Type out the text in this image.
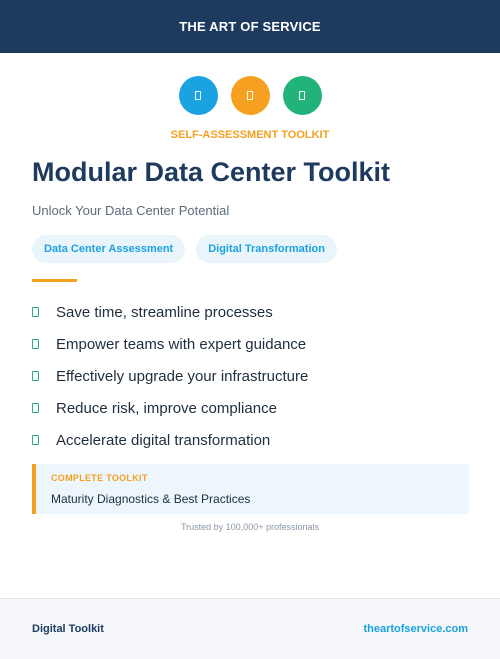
THE ART OF SERVICE
SELF-ASSESSMENT TOOLKIT
Modular Data Center Toolkit

Unlock Your Data Center Potential

Data Center Assessment	Digital Transformation
Save time, streamline processes
Empower teams with expert guidance
Effectively upgrade your infrastructure
Reduce risk, improve compliance
Accelerate digital transformation
COMPLETE TOOLKIT
Maturity Diagnostics & Best Practices
Trusted by 100,000+ professionals
Digital Toolkit	theartofservice.com
